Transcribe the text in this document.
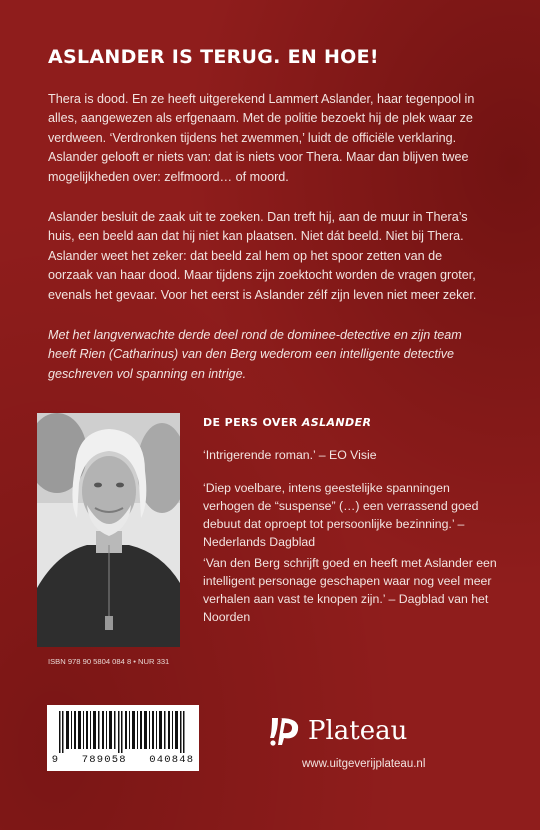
ASLANDER IS TERUG. EN HOE!

Thera is dood. En ze heeft uitgerekend Lammert Aslander, haar tegenpool in alles, aangewezen als erfgenaam. Met de politie bezoekt hij de plek waar ze verdween. ‘Verdronken tijdens het zwemmen,’ luidt de officiële verklaring. Aslander gelooft er niets van: dat is niets voor Thera. Maar dan blijven twee mogelijkheden over: zelfmoord… of moord.

Aslander besluit de zaak uit te zoeken. Dan treft hij, aan de muur in Thera’s huis, een beeld aan dat hij niet kan plaatsen. Niet dát beeld. Niet bij Thera. Aslander weet het zeker: dat beeld zal hem op het spoor zetten van de oorzaak van haar dood. Maar tijdens zijn zoektocht worden de vragen groter, evenals het gevaar. Voor het eerst is Aslander zélf zijn leven niet meer zeker.

Met het langverwachte derde deel rond de dominee-detective en zijn team heeft Rien (Catharinus) van den Berg wederom een intelligente detective geschreven vol spanning en intrige.

DE PERS OVER ASLANDER

‘Intrigerende roman.’ – EO Visie

‘Diep voelbare, intens geestelijke spanningen verhogen de “suspense” (…) een verrassend goed debuut dat oproept tot persoonlijke bezinning.’ – Nederlands Dagblad

‘Van den Berg schrijft goed en heeft met Aslander een intelligent personage geschapen waar nog veel meer verhalen aan vast te knopen zijn.’ – Dagblad van het Noorden

ISBN 978 90 5804 084 8 • NUR 331
9   789058   040848
Plateau
www.uitgeverijplateau.nl
